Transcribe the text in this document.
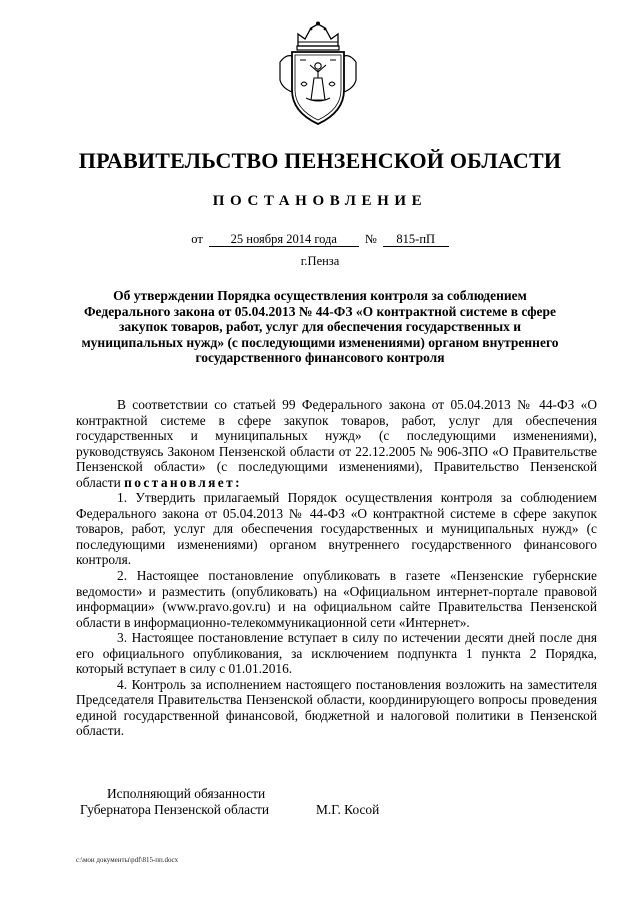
ПРАВИТЕЛЬСТВО ПЕНЗЕНСКОЙ ОБЛАСТИ
ПОСТАНОВЛЕНИЕ
от 25 ноября 2014 года № 815-пП
г.Пенза
Об утверждении Порядка осуществления контроля за соблюдением Федерального закона от 05.04.2013 № 44-ФЗ «О контрактной системе в сфере закупок товаров, работ, услуг для обеспечения государственных и муниципальных нужд» (с последующими изменениями) органом внутреннего государственного финансового контроля

В соответствии со статьей 99 Федерального закона от 05.04.2013 № 44-ФЗ «О контрактной системе в сфере закупок товаров, работ, услуг для обеспечения государственных и муниципальных нужд» (с последующими изменениями), руководствуясь Законом Пензенской области от 22.12.2005 № 906-ЗПО «О Правительстве Пензенской области» (с последующими изменениями), Правительство Пензенской области постановляет:

1. Утвердить прилагаемый Порядок осуществления контроля за соблюдением Федерального закона от 05.04.2013 № 44-ФЗ «О контрактной системе в сфере закупок товаров, работ, услуг для обеспечения государственных и муниципальных нужд» (с последующими изменениями) органом внутреннего государственного финансового контроля.

2. Настоящее постановление опубликовать в газете «Пензенские губернские ведомости» и разместить (опубликовать) на «Официальном интернет-портале правовой информации» (www.pravo.gov.ru) и на официальном сайте Правительства Пензенской области в информационно-телекоммуникационной сети «Интернет».

3. Настоящее постановление вступает в силу по истечении десяти дней после дня его официального опубликования, за исключением подпункта 1 пункта 2 Порядка, который вступает в силу с 01.01.2016.

4. Контроль за исполнением настоящего постановления возложить на заместителя Председателя Правительства Пензенской области, координирующего вопросы проведения единой государственной финансовой, бюджетной и налоговой политики в Пензенской области.

Исполняющий обязанности
Губернатора Пензенской области	М.Г. Косой
c:\мои документы\pdf\815-пп.docx
